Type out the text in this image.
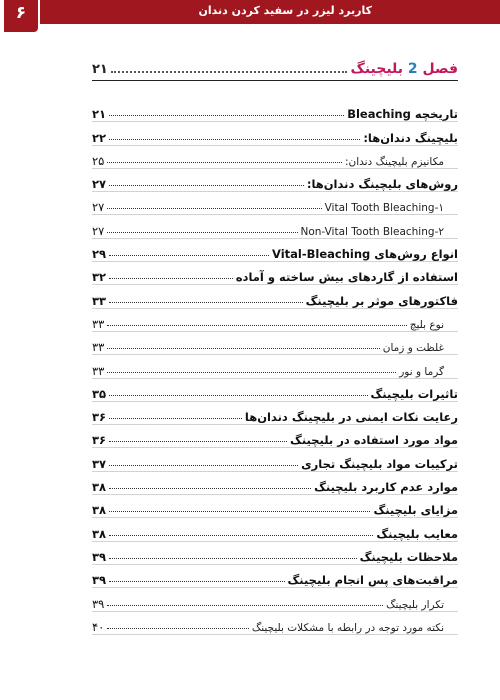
کاربرد لیزر در سفید کردن دندان
۶
فصل 2 بلیچینگ
۲۱
تاریخچه Bleaching
۲۱
بلیچینگ دندان‌ها:
۲۲
مکانیزم بلیچینگ دندان:
۲۵
روش‌های بلیچینگ دندان‌ها:
۲۷
۱-Vital Tooth Bleaching
۲۷
۲-Non-Vital Tooth Bleaching
۲۷
انواع روش‌های Vital-Bleaching
۲۹
استفاده از گاردهای بیش ساخته و آماده
۳۲
فاکتورهای موثر بر بلیچینگ
۳۳
نوع بلیچ
۳۳
غلظت و زمان
۳۳
گرما و نور
۳۳
تاثیرات بلیچینگ
۳۵
رعایت نکات ایمنی در بلیچینگ دندان‌ها
۳۶
مواد مورد استفاده در بلیچینگ
۳۶
ترکیبات مواد بلیچینگ تجاری
۳۷
موارد عدم کاربرد بلیچینگ
۳۸
مزایای بلیچینگ
۳۸
معایب بلیچینگ
۳۸
ملاحظات بلیچینگ
۳۹
مراقبت‌های پس انجام بلیچینگ
۳۹
تکرار بلیچینگ
۳۹
نکته مورد توجه در رابطه با مشکلات بلیچینگ
۴۰
